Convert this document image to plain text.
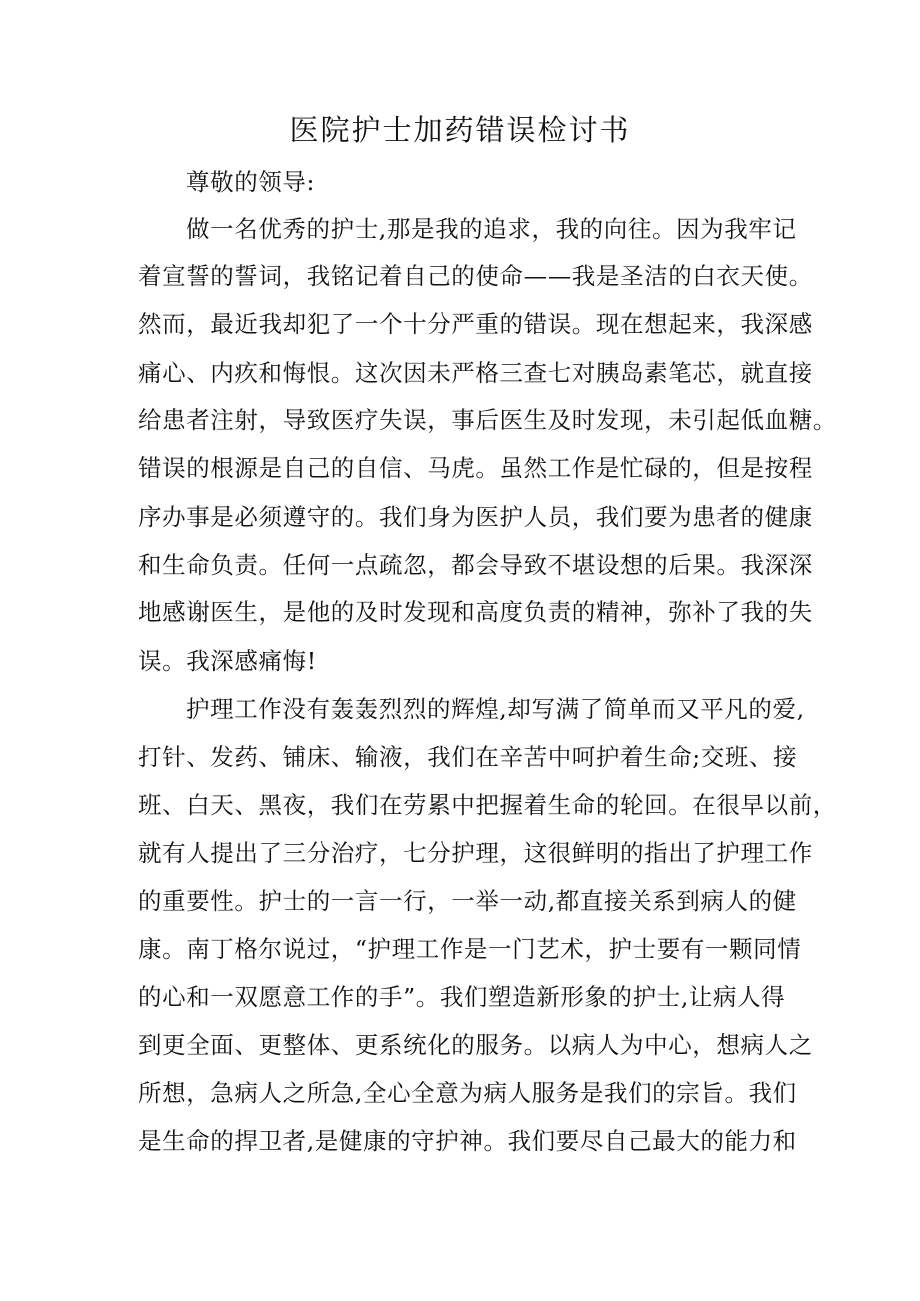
医院护士加药错误检讨书
尊敬的领导:
做一名优秀的护士,那是我的追求，我的向往。因为我牢记
着宣誓的誓词，我铭记着自己的使命——我是圣洁的白衣天使。
然而，最近我却犯了一个十分严重的错误。现在想起来，我深感
痛心、内疚和悔恨。这次因未严格三查七对胰岛素笔芯，就直接
给患者注射，导致医疗失误，事后医生及时发现，未引起低血糖。
错误的根源是自己的自信、马虎。虽然工作是忙碌的，但是按程
序办事是必须遵守的。我们身为医护人员，我们要为患者的健康
和生命负责。任何一点疏忽，都会导致不堪设想的后果。我深深
地感谢医生，是他的及时发现和高度负责的精神，弥补了我的失
误。我深感痛悔!
护理工作没有轰轰烈烈的辉煌,却写满了简单而又平凡的爱,
打针、发药、铺床、输液，我们在辛苦中呵护着生命;交班、接
班、白天、黑夜，我们在劳累中把握着生命的轮回。在很早以前，
就有人提出了三分治疗，七分护理，这很鲜明的指出了护理工作
的重要性。护士的一言一行，一举一动,都直接关系到病人的健
康。南丁格尔说过，“护理工作是一门艺术，护士要有一颗同情
的心和一双愿意工作的手”。我们塑造新形象的护士,让病人得
到更全面、更整体、更系统化的服务。以病人为中心，想病人之
所想，急病人之所急,全心全意为病人服务是我们的宗旨。我们
是生命的捍卫者,是健康的守护神。我们要尽自己最大的能力和
